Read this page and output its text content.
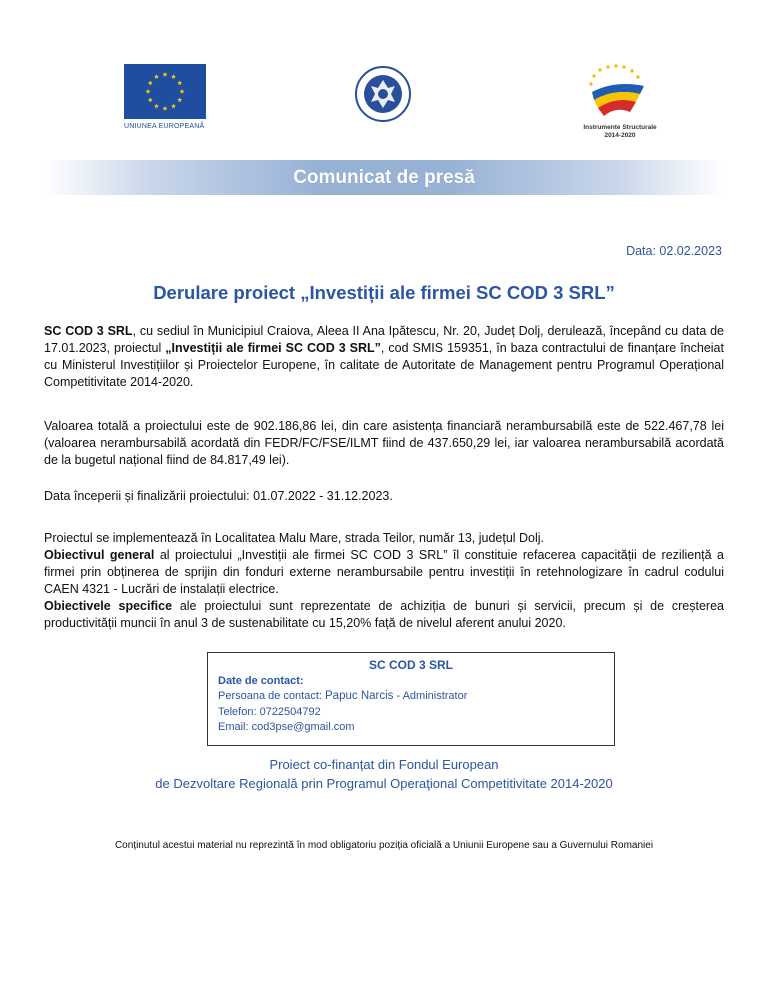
UNIUNEA EUROPEANĂ	Instrumente Structurale
2014-2020
Comunicat de presă
Data: 02.02.2023
Derulare proiect „Investiții ale firmei SC COD 3 SRL”
SC COD 3 SRL, cu sediul în Municipiul Craiova, Aleea II Ana Ipătescu, Nr. 20, Județ Dolj, derulează, începând cu data de 17.01.2023, proiectul „Investiții ale firmei SC COD 3 SRL”, cod SMIS 159351, în baza contractului de finanțare încheiat cu Ministerul Investițiilor și Proiectelor Europene, în calitate de Autoritate de Management pentru Programul Operațional Competitivitate 2014-2020.
Valoarea totală a proiectului este de 902.186,86 lei, din care asistența financiară nerambursabilă este de 522.467,78 lei (valoarea nerambursabilă acordată din FEDR/FC/FSE/ILMT fiind de 437.650,29 lei, iar valoarea nerambursabilă acordată de la bugetul național fiind de 84.817,49 lei).
Data începerii și finalizării proiectului: 01.07.2022 - 31.12.2023.
Proiectul se implementează în Localitatea Malu Mare, strada Teilor, număr 13, județul Dolj.
Obiectivul general al proiectului „Investiții ale firmei SC COD 3 SRL” îl constituie refacerea capacității de reziliență a firmei prin obținerea de sprijin din fonduri externe nerambursabile pentru investiții în retehnologizare în cadrul codului CAEN 4321 - Lucrări de instalații electrice.
Obiectivele specifice ale proiectului sunt reprezentate de achiziția de bunuri și servicii, precum și de creșterea productivității muncii în anul 3 de sustenabilitate cu 15,20% față de nivelul aferent anului 2020.
SC COD 3 SRL
Date de contact:
Persoana de contact: Papuc Narcis - Administrator
Telefon: 0722504792
Email: cod3pse@gmail.com
Proiect co-finanțat din Fondul European
de Dezvoltare Regională prin Programul Operaţional Competitivitate 2014-2020
Conținutul acestui material nu reprezintă în mod obligatoriu poziția oficială a Uniunii Europene sau a Guvernului Romaniei
